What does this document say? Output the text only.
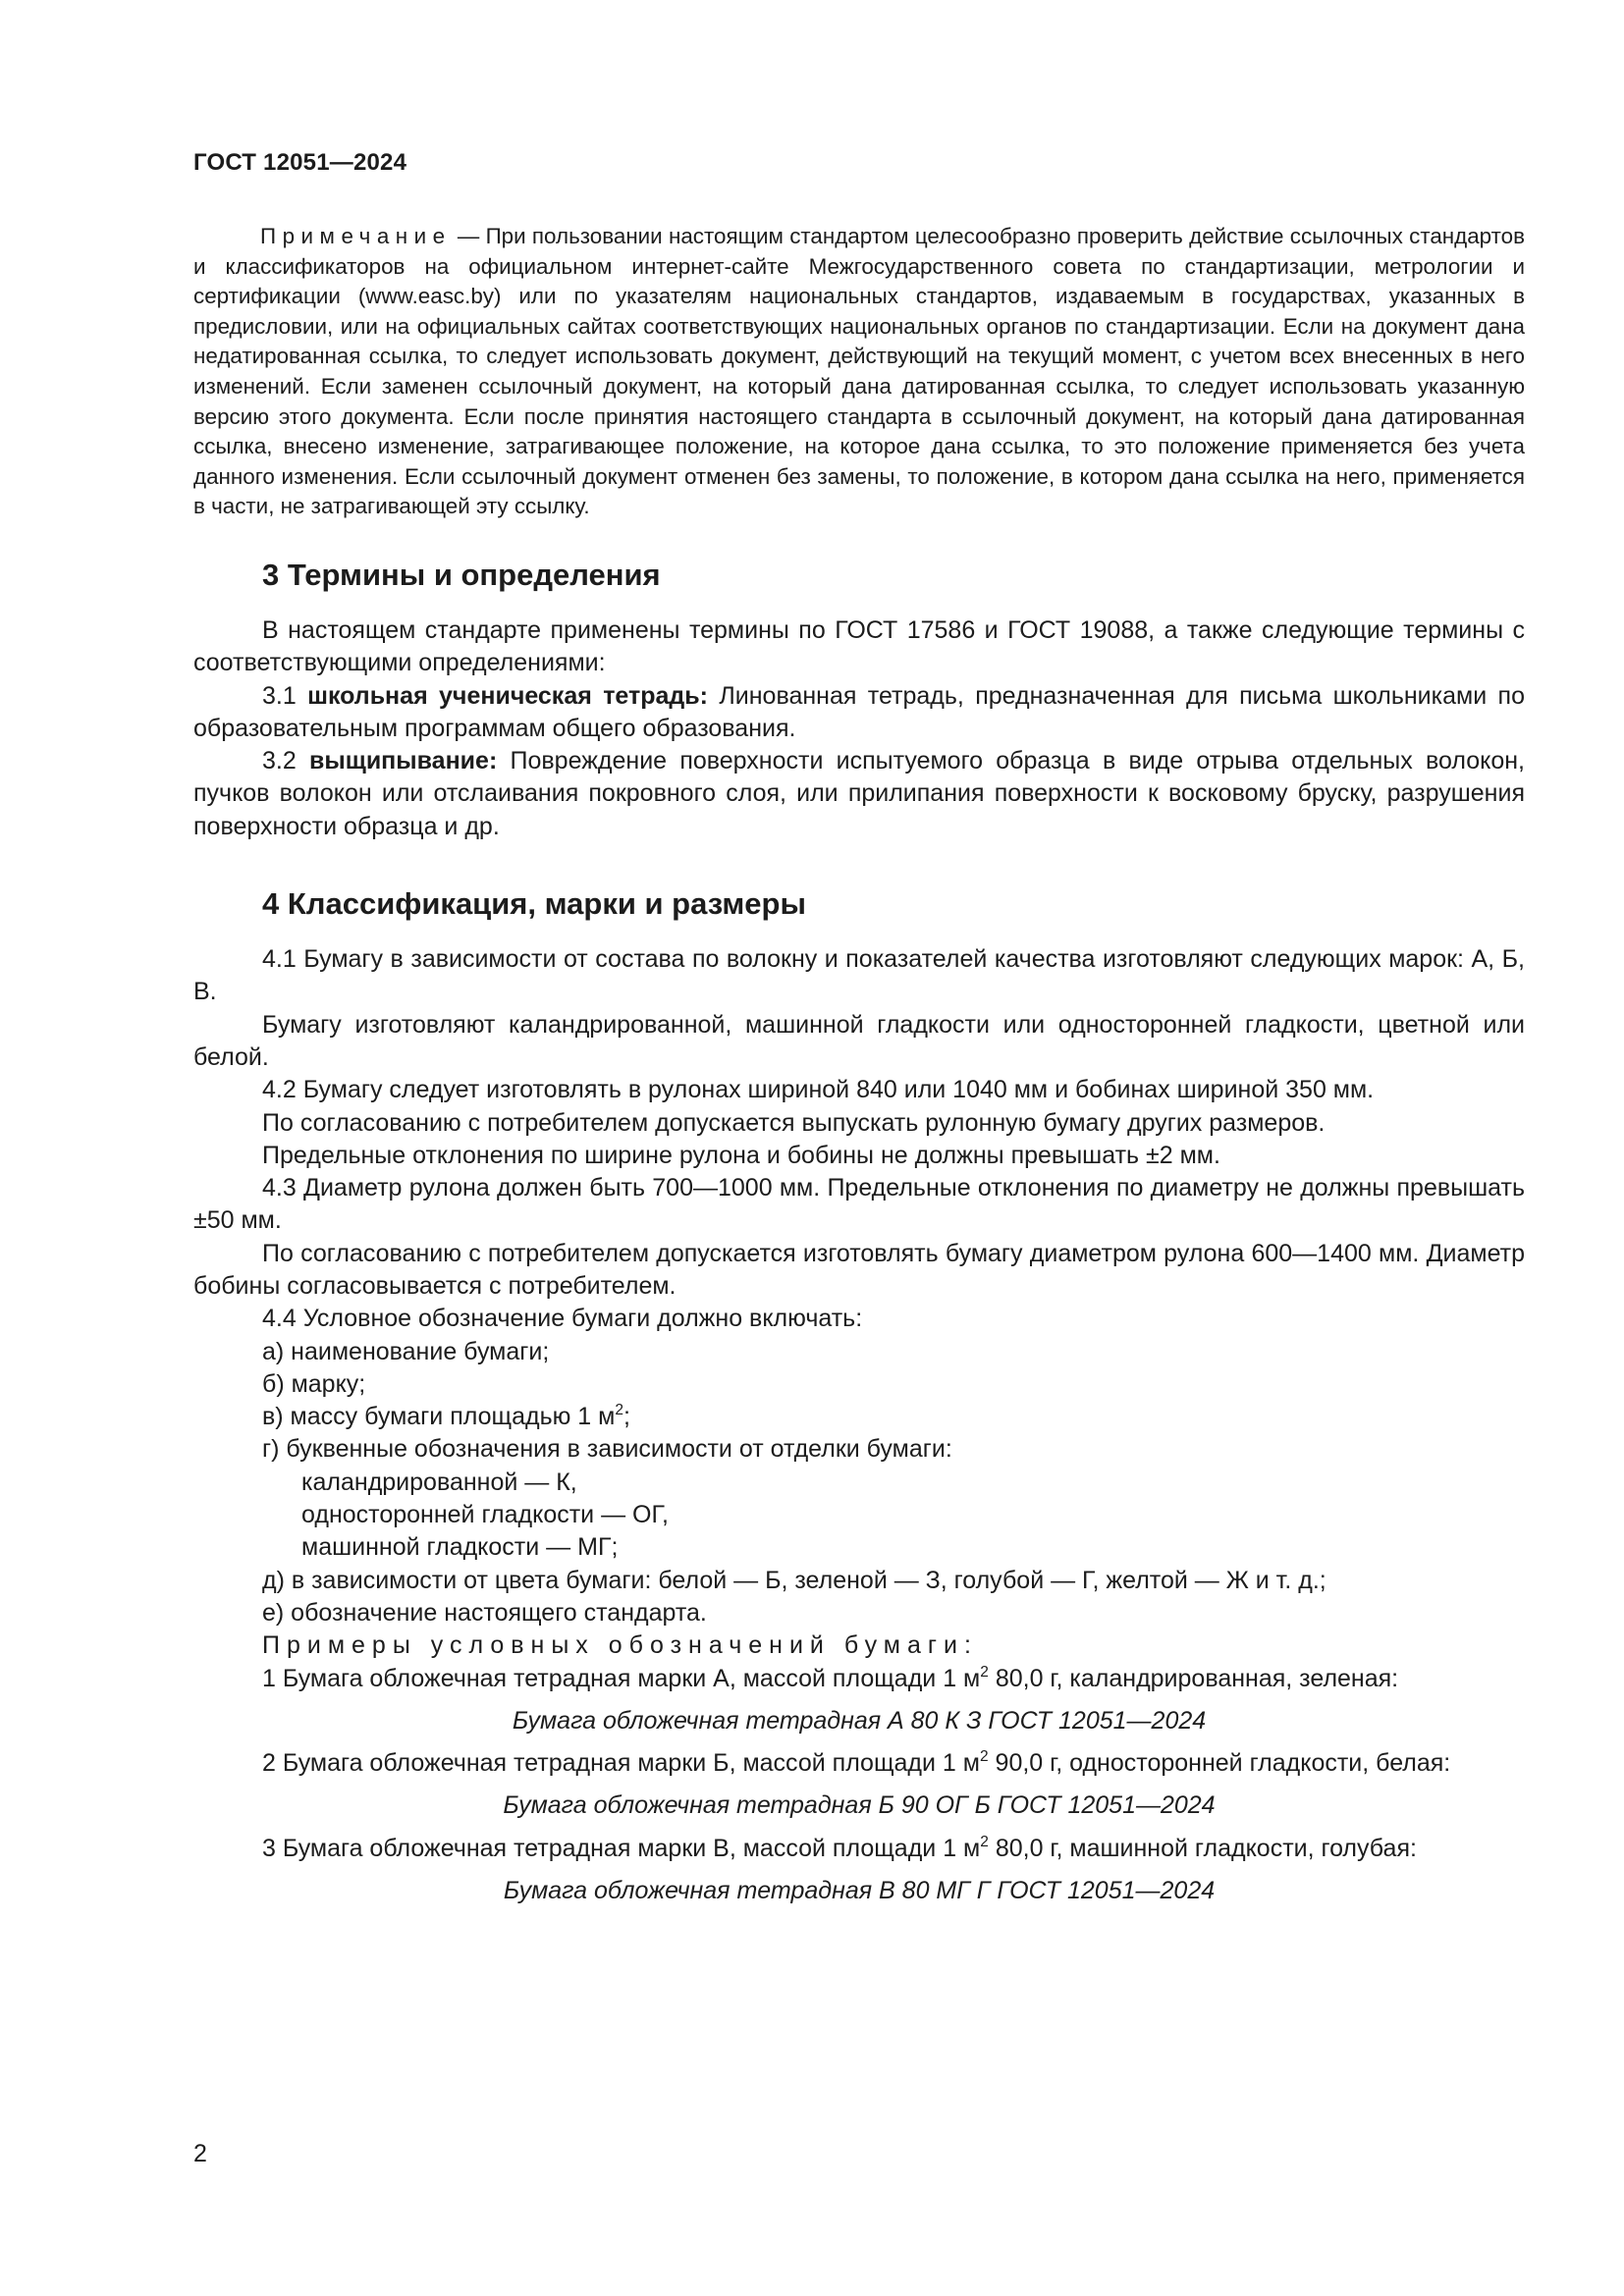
ГОСТ 12051—2024

Примечание — При пользовании настоящим стандартом целесообразно проверить действие ссылочных стандартов и классификаторов на официальном интернет-сайте Межгосударственного совета по стандартизации, метрологии и сертификации (www.easc.by) или по указателям национальных стандартов, издаваемым в государствах, указанных в предисловии, или на официальных сайтах соответствующих национальных органов по стандартизации. Если на документ дана недатированная ссылка, то следует использовать документ, действующий на текущий момент, с учетом всех внесенных в него изменений. Если заменен ссылочный документ, на который дана датированная ссылка, то следует использовать указанную версию этого документа. Если после принятия настоящего стандарта в ссылочный документ, на который дана датированная ссылка, внесено изменение, затрагивающее положение, на которое дана ссылка, то это положение применяется без учета данного изменения. Если ссылочный документ отменен без замены, то положение, в котором дана ссылка на него, применяется в части, не затрагивающей эту ссылку.

3 Термины и определения

В настоящем стандарте применены термины по ГОСТ 17586 и ГОСТ 19088, а также следующие термины с соответствующими определениями:

3.1 школьная ученическая тетрадь: Линованная тетрадь, предназначенная для письма школьниками по образовательным программам общего образования.

3.2 выщипывание: Повреждение поверхности испытуемого образца в виде отрыва отдельных волокон, пучков волокон или отслаивания покровного слоя, или прилипания поверхности к восковому бруску, разрушения поверхности образца и др.

4 Классификация, марки и размеры

4.1 Бумагу в зависимости от состава по волокну и показателей качества изготовляют следующих марок: А, Б, В.

Бумагу изготовляют каландрированной, машинной гладкости или односторонней гладкости, цветной или белой.

4.2 Бумагу следует изготовлять в рулонах шириной 840 или 1040 мм и бобинах шириной 350 мм.

По согласованию с потребителем допускается выпускать рулонную бумагу других размеров.

Предельные отклонения по ширине рулона и бобины не должны превышать ±2 мм.

4.3 Диаметр рулона должен быть 700—1000 мм. Предельные отклонения по диаметру не должны превышать ±50 мм.

По согласованию с потребителем допускается изготовлять бумагу диаметром рулона 600—1400 мм. Диаметр бобины согласовывается с потребителем.

4.4 Условное обозначение бумаги должно включать:

а) наименование бумаги;

б) марку;

в) массу бумаги площадью 1 $м^2$;

г) буквенные обозначения в зависимости от отделки бумаги:

каландрированной — К,

односторонней гладкости — ОГ,

машинной гладкости — МГ;

д) в зависимости от цвета бумаги: белой — Б, зеленой — З, голубой — Г, желтой — Ж и т. д.;

е) обозначение настоящего стандарта.

Примеры условных обозначений бумаги:

1 Бумага обложечная тетрадная марки А, массой площади 1 $м^2$ 80,0 г, каландрированная, зеленая:

Бумага обложечная тетрадная А 80 К З ГОСТ 12051—2024

2 Бумага обложечная тетрадная марки Б, массой площади 1 $м^2$ 90,0 г, односторонней гладкости, белая:

Бумага обложечная тетрадная Б 90 ОГ Б ГОСТ 12051—2024

3 Бумага обложечная тетрадная марки В, массой площади 1 $м^2$ 80,0 г, машинной гладкости, голубая:

Бумага обложечная тетрадная В 80 МГ Г ГОСТ 12051—2024

2
